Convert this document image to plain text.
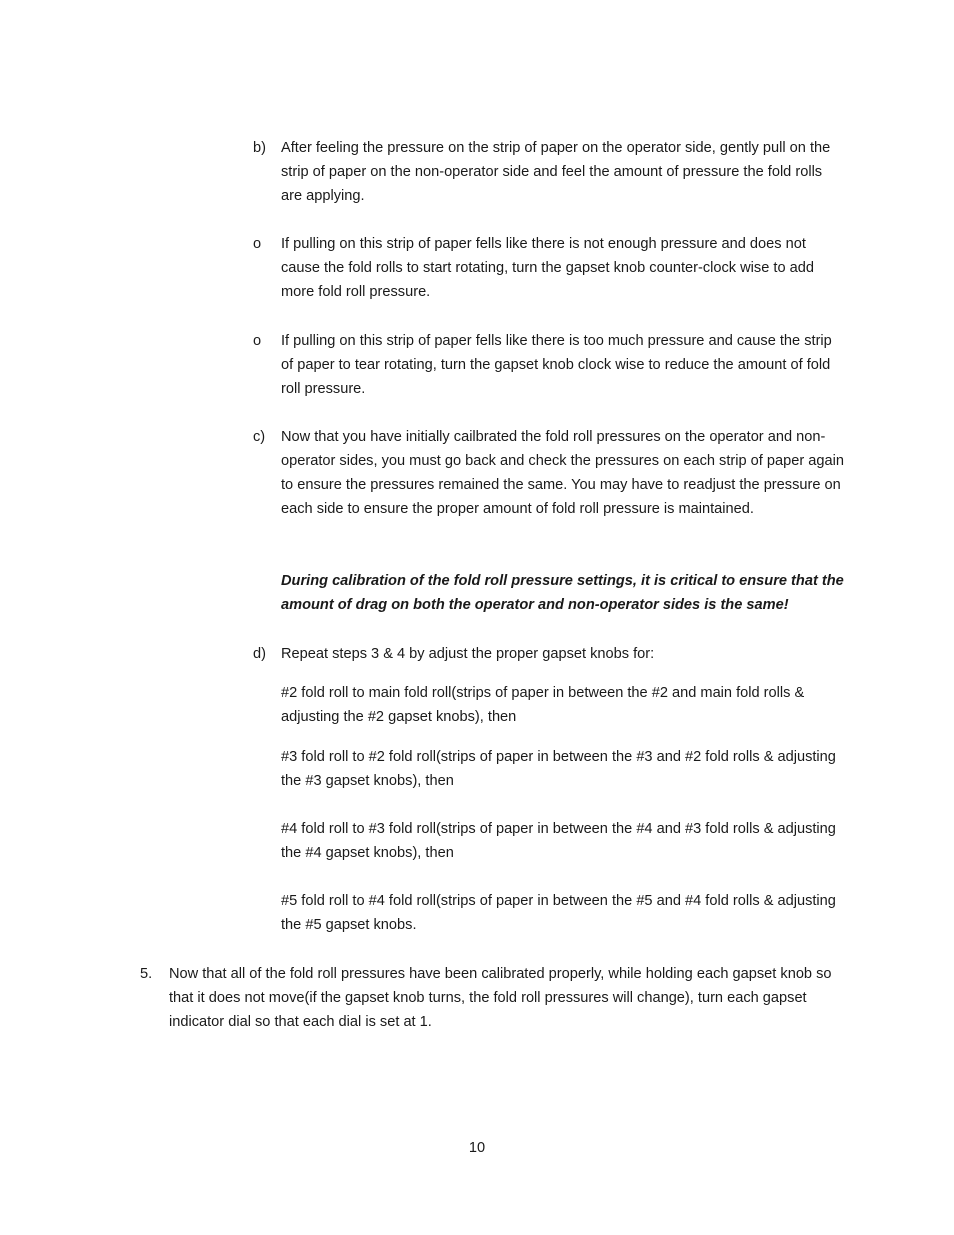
b) After feeling the pressure on the strip of paper on the operator side, gently pull on the strip of paper on the non-operator side and feel the amount of pressure the fold rolls are applying.
o If pulling on this strip of paper fells like there is not enough pressure and does not cause the fold rolls to start rotating, turn the gapset knob counter-clock wise to add more fold roll pressure.
o If pulling on this strip of paper fells like there is too much pressure and cause the strip of paper to tear rotating, turn the gapset knob clock wise to reduce the amount of fold roll pressure.
c) Now that you have initially cailbrated the fold roll pressures on the operator and non-operator sides, you must go back and check the pressures on each strip of paper again to ensure the pressures remained the same. You may have to readjust the pressure on each side to ensure the proper amount of fold roll pressure is maintained.
During calibration of the fold roll pressure settings, it is critical to ensure that the amount of drag on both the operator and non-operator sides is the same!
d) Repeat steps 3 & 4 by adjust the proper gapset knobs for:
#2 fold roll to main fold roll(strips of paper in between the #2 and main fold rolls & adjusting the #2 gapset knobs), then
#3 fold roll to #2 fold roll(strips of paper in between the #3 and #2 fold rolls & adjusting the #3 gapset knobs), then
#4 fold roll to #3 fold roll(strips of paper in between the #4 and #3 fold rolls & adjusting the #4 gapset knobs), then
#5 fold roll to #4 fold roll(strips of paper in between the #5 and #4 fold rolls & adjusting the #5 gapset knobs.
5. Now that all of the fold roll pressures have been calibrated properly, while holding each gapset knob so that it does not move(if the gapset knob turns, the fold roll pressures will change), turn each gapset indicator dial so that each dial is set at 1.
10
